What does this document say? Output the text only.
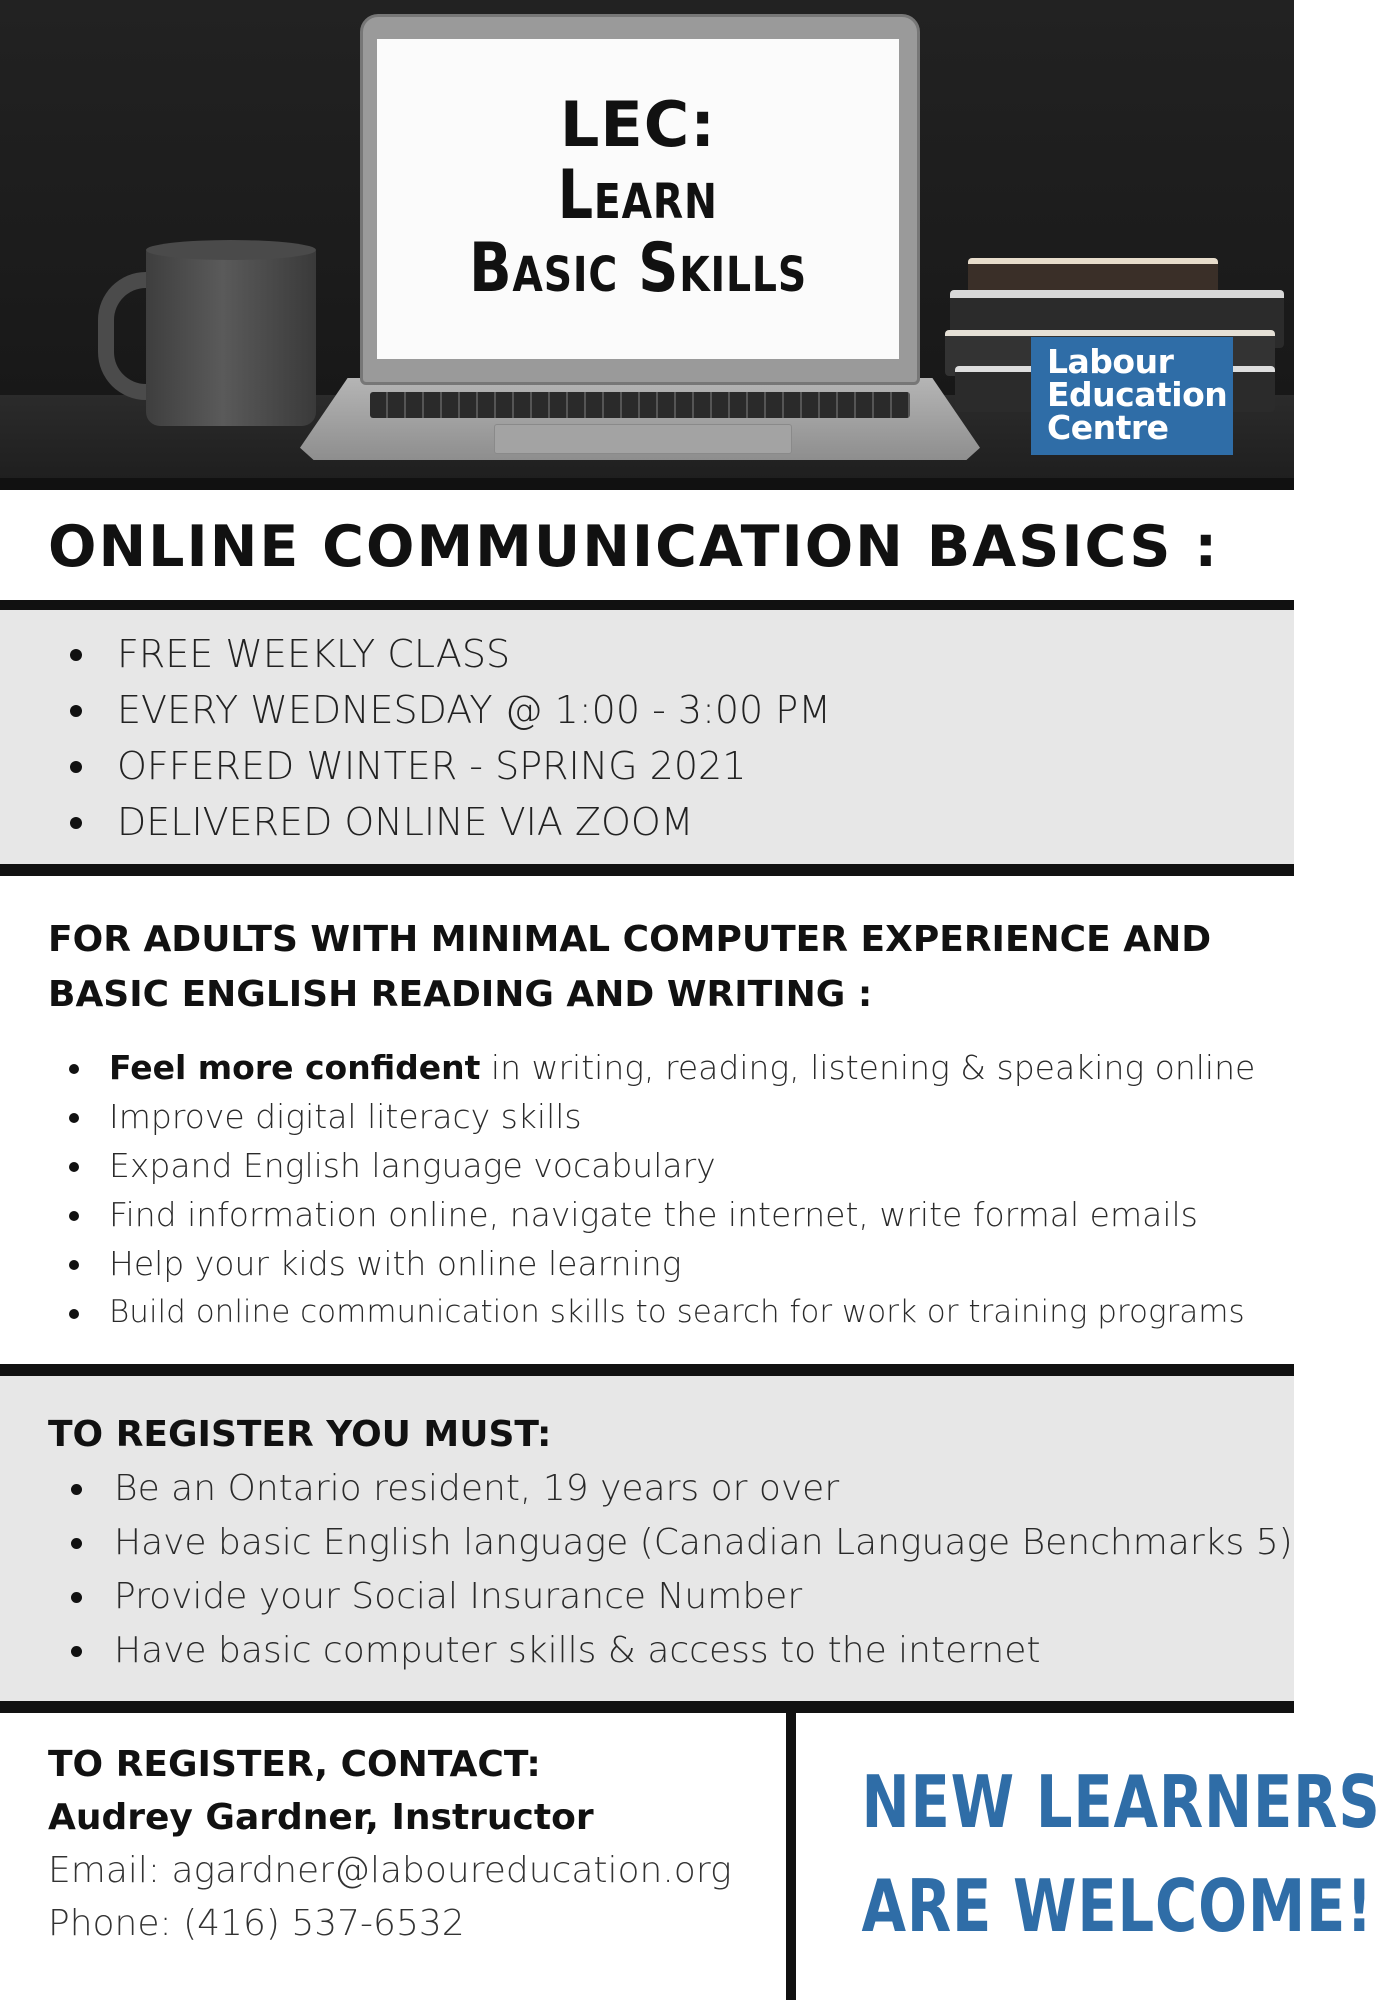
LEC:
Learn
Basic Skills
Labour
Education
Centre
ONLINE COMMUNICATION BASICS :
FREE WEEKLY CLASS
EVERY WEDNESDAY @ 1:00 - 3:00 PM
OFFERED WINTER - SPRING 2021
DELIVERED ONLINE VIA ZOOM
FOR ADULTS WITH MINIMAL COMPUTER EXPERIENCE AND
BASIC ENGLISH READING AND WRITING :
Feel more confident in writing, reading, listening & speaking online
Improve digital literacy skills
Expand English language vocabulary
Find information online, navigate the internet, write formal emails
Help your kids with online learning
Build online communication skills to search for work or training programs
TO REGISTER YOU MUST:
Be an Ontario resident, 19 years or over
Have basic English language (Canadian Language Benchmarks 5)
Provide your Social Insurance Number
Have basic computer skills & access to the internet
TO REGISTER, CONTACT:
Audrey Gardner, Instructor
Email: agardner@laboureducation.org
Phone: (416) 537-6532
NEW LEARNERS
ARE WELCOME!
